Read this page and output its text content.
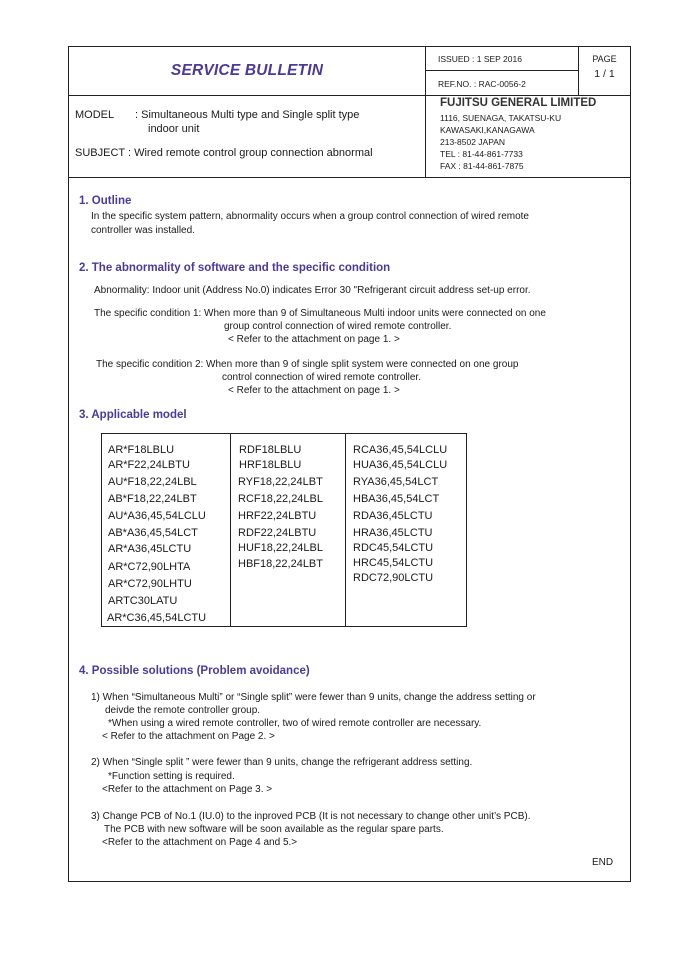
SERVICE BULLETIN
ISSUED : 1 SEP 2016
REF.NO. : RAC-0056-2
PAGE
1 / 1
MODEL : Simultaneous Multi type and Single split type
indoor unit
SUBJECT : Wired remote control group connection abnormal
FUJITSU GENERAL LIMITED
1116, SUENAGA, TAKATSU-KU
KAWASAKI,KANAGAWA
213-8502 JAPAN
TEL : 81-44-861-7733
FAX : 81-44-861-7875
1. Outline
In the specific system pattern, abnormality occurs when a group control connection of wired remote
controller was installed.
2. The abnormality of software and the specific condition
Abnormality: Indoor unit (Address No.0) indicates Error 30 "Refrigerant circuit address set-up error.
The specific condition 1: When more than 9 of Simultaneous Multi indoor units were connected on one
group control connection of wired remote controller.
< Refer to the attachment on page 1. >
The specific condition 2: When more than 9 of single split system were connected on one group
control connection of wired remote controller.
< Refer to the attachment on page 1. >
3. Applicable model
AR*F18LBLU
AR*F22,24LBTU
AU*F18,22,24LBL
AB*F18,22,24LBT
AU*A36,45,54LCLU
AB*A36,45,54LCT
AR*A36,45LCTU
AR*C72,90LHTA
AR*C72,90LHTU
ARTC30LATU
AR*C36,45,54LCTU
RDF18LBLU
HRF18LBLU
RYF18,22,24LBT
RCF18,22,24LBL
HRF22,24LBTU
RDF22,24LBTU
HUF18,22,24LBL
HBF18,22,24LBT
RCA36,45,54LCLU
HUA36,45,54LCLU
RYA36,45,54LCT
HBA36,45,54LCT
RDA36,45LCTU
HRA36,45LCTU
RDC45,54LCTU
HRC45,54LCTU
RDC72,90LCTU
4. Possible solutions (Problem avoidance)
1) When “Simultaneous Multi” or “Single split” were fewer than 9 units, change the address setting or
deivde the remote controller group.
*When using a wired remote controller, two of wired remote controller are necessary.
< Refer to the attachment on Page 2. >
2) When “Single split ” were fewer than 9 units, change the refrigerant address setting.
*Function setting is required.
<Refer to the attachment on Page 3. >
3) Change PCB of No.1 (IU.0) to the inproved PCB (It is not necessary to change other unit’s PCB).
The PCB with new software will be soon available as the regular spare parts.
<Refer to the attachment on Page 4 and 5.>
END
